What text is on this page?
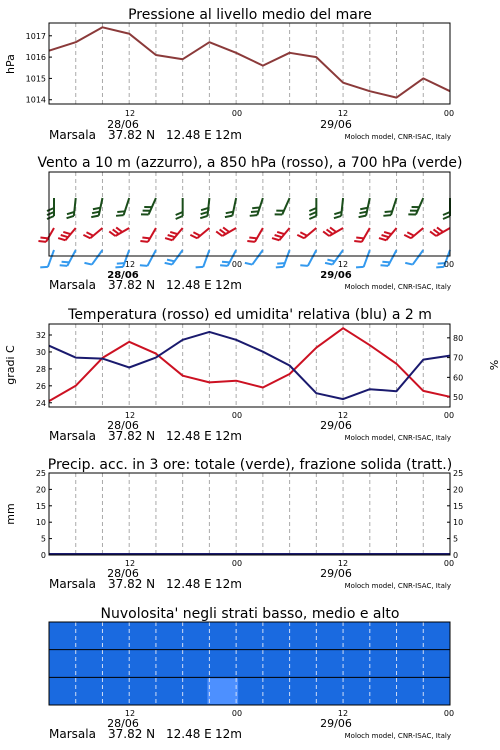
Pressione al livello medio del mare
hPa
1017
1016
1015
1014
12	00	12	00
28/06	29/06
Marsala 37.82 N 12.48 E 12m	Moloch model, CNR-ISAC, Italy
Vento a 10 m (azzurro), a 850 hPa (rosso), a 700 hPa (verde)
12	00	12	00
28/06	29/06
Marsala 37.82 N 12.48 E 12m	Moloch model, CNR-ISAC, Italy
Temperatura (rosso) ed umidita' relativa (blu) a 2 m
gradi C	%
32
30
28
26
24
80
70
60
50
12	00	12	00
28/06	29/06
Marsala 37.82 N 12.48 E 12m	Moloch model, CNR-ISAC, Italy
Precip. acc. in 3 ore: totale (verde), frazione solida (tratt.)
mm
25
20
15
10
5
0
25
20
15
10
5
0
12	00	12	00
28/06	29/06
Marsala 37.82 N 12.48 E 12m	Moloch model, CNR-ISAC, Italy
Nuvolosita' negli strati basso, medio e alto
12	00	12	00
28/06	29/06
Marsala 37.82 N 12.48 E 12m	Moloch model, CNR-ISAC, Italy
